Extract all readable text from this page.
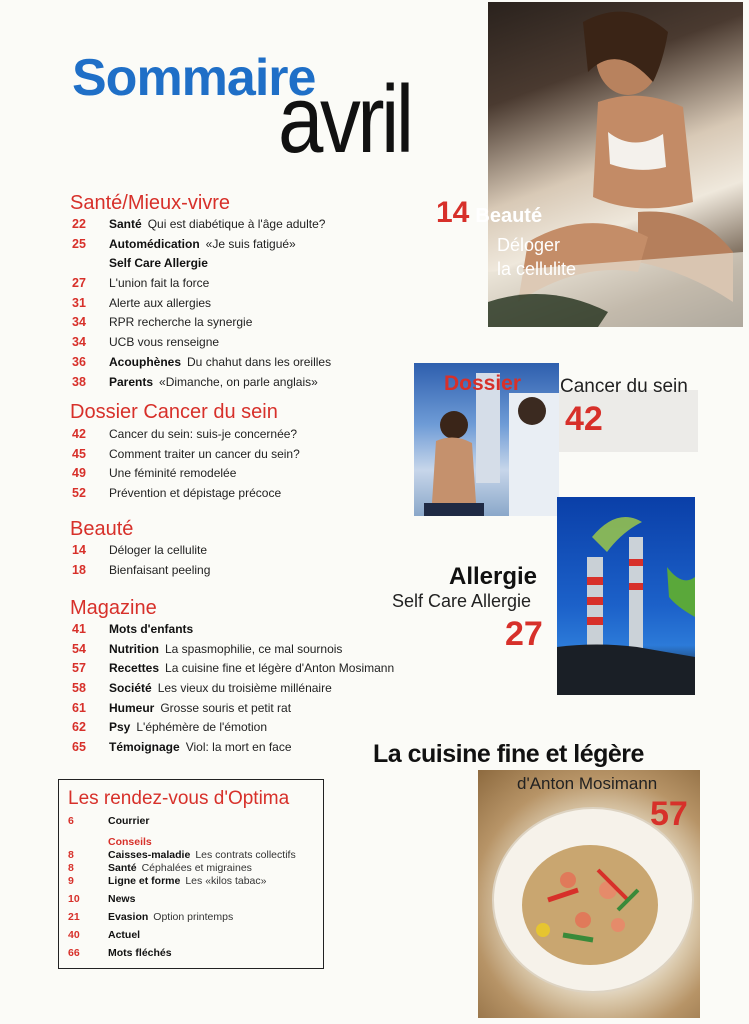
Sommaire
avril
Santé/Mieux-vivre
22	Santé Qui est diabétique à l'âge adulte?
25	Automédication «Je suis fatigué»
Self Care Allergie
27	L'union fait la force
31	Alerte aux allergies
34	RPR recherche la synergie
34	UCB vous renseigne
36	Acouphènes Du chahut dans les oreilles
38	Parents «Dimanche, on parle anglais»
Dossier Cancer du sein
42	Cancer du sein: suis-je concernée?
45	Comment traiter un cancer du sein?
49	Une féminité remodelée
52	Prévention et dépistage précoce
Beauté
14	Déloger la cellulite
18	Bienfaisant peeling
Magazine
41	Mots d'enfants
54	Nutrition La spasmophilie, ce mal sournois
57	Recettes La cuisine fine et légère d'Anton Mosimann
58	Société Les vieux du troisième millénaire
61	Humeur Grosse souris et petit rat
62	Psy L'éphémère de l'émotion
65	Témoignage Viol: la mort en face
Les rendez-vous d'Optima
6	Courrier
Conseils
8	Caisses-maladie Les contrats collectifs
8	Santé Céphalées et migraines
9	Ligne et forme Les «kilos tabac»
10	News
21	Evasion Option printemps
40	Actuel
66	Mots fléchés
14 Beauté
Déloger
la cellulite
Dossier Cancer du sein
42
Allergie
Self Care Allergie
27
La cuisine fine et légère
d'Anton Mosimann
57
